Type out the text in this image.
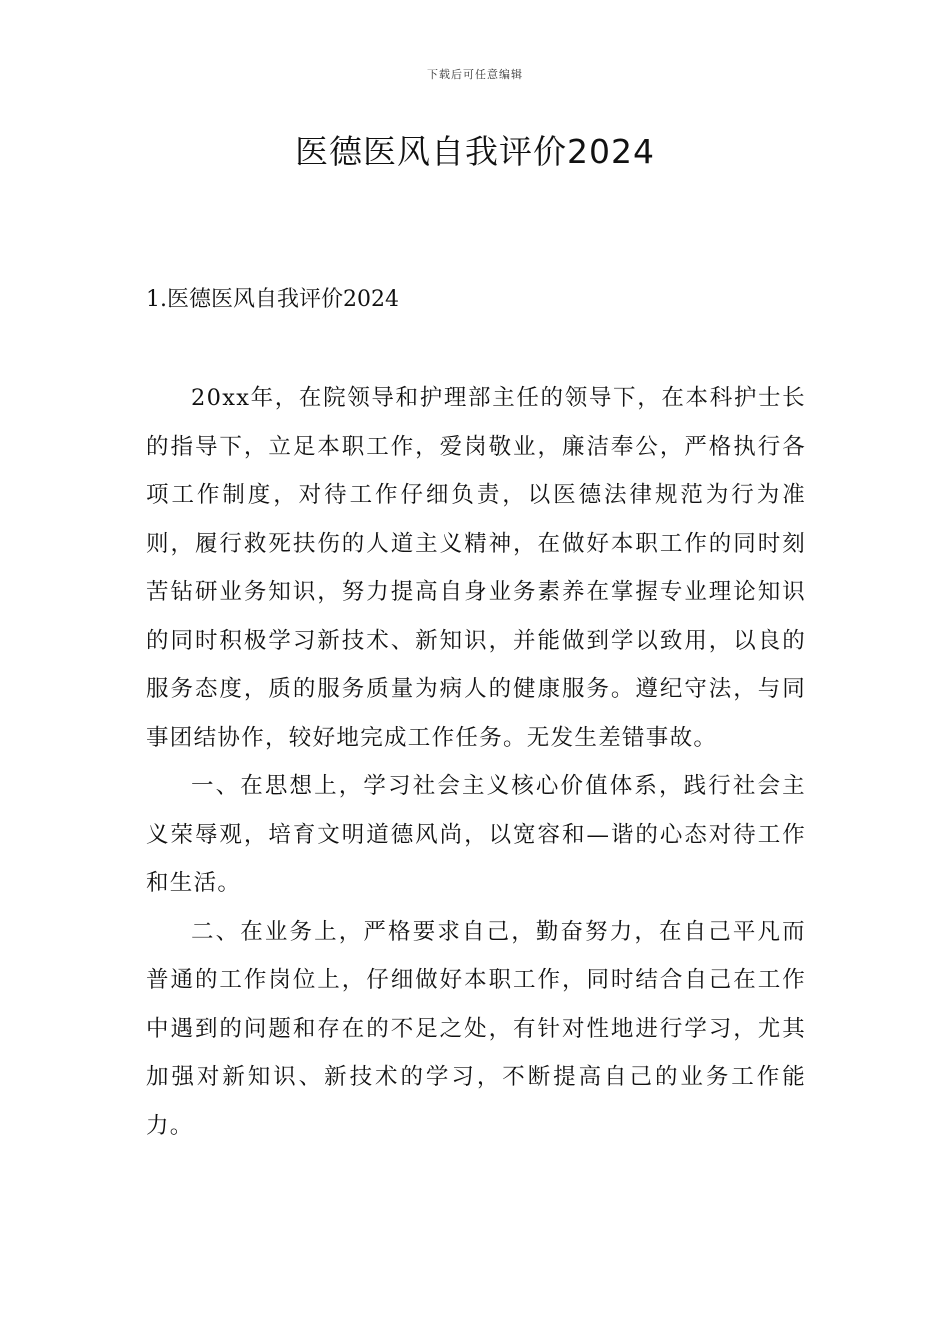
下载后可任意编辑
医德医风自我评价2024
1.医德医风自我评价2024

20xx年，在院领导和护理部主任的领导下，在本科护士长的指导下，立足本职工作，爱岗敬业，廉洁奉公，严格执行各项工作制度，对待工作仔细负责，以医德法律规范为行为准则，履行救死扶伤的人道主义精神，在做好本职工作的同时刻苦钻研业务知识，努力提高自身业务素养在掌握专业理论知识的同时积极学习新技术、新知识，并能做到学以致用，以良的服务态度，质的服务质量为病人的健康服务。遵纪守法，与同事团结协作，较好地完成工作任务。无发生差错事故。

一、在思想上，学习社会主义核心价值体系，践行社会主义荣辱观，培育文明道德风尚，以宽容和—谐的心态对待工作和生活。

二、在业务上，严格要求自己，勤奋努力，在自己平凡而普通的工作岗位上，仔细做好本职工作，同时结合自己在工作中遇到的问题和存在的不足之处，有针对性地进行学习，尤其加强对新知识、新技术的学习，不断提高自己的业务工作能力。
